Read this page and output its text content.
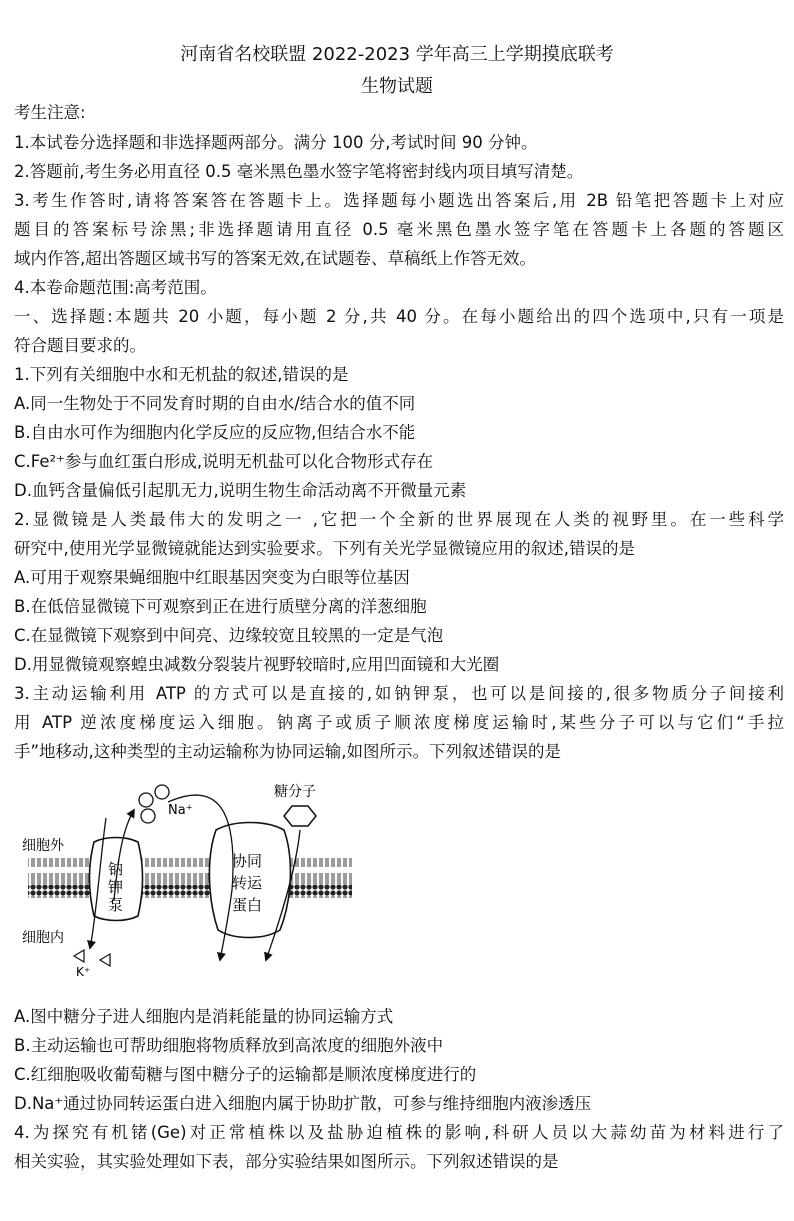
河南省名校联盟 2022-2023 学年高三上学期摸底联考
生物试题
考生注意:
1.本试卷分选择题和非选择题两部分。满分 100 分,考试时间 90 分钟。
2.答题前,考生务必用直径 0.5 毫米黑色墨水签字笔将密封线内项目填写清楚。
3.考生作答时,请将答案答在答题卡上。选择题每小题选出答案后,用 2B 铅笔把答题卡上对应
题目的答案标号涂黑;非选择题请用直径 0.5 毫米黑色墨水签字笔在答题卡上各题的答题区
域内作答,超出答题区域书写的答案无效,在试题卷、草稿纸上作答无效。
4.本卷命题范围:高考范围。
一、选择题:本题共 20 小题，每小题 2 分,共 40 分。在每小题给出的四个选项中,只有一项是
符合题目要求的。
1.下列有关细胞中水和无机盐的叙述,错误的是
A.同一生物处于不同发育时期的自由水/结合水的值不同
B.自由水可作为细胞内化学反应的反应物,但结合水不能
C.Fe²⁺参与血红蛋白形成,说明无机盐可以化合物形式存在
D.血钙含量偏低引起肌无力,说明生物生命活动离不开微量元素
2.显微镜是人类最伟大的发明之一 ,它把一个全新的世界展现在人类的视野里。在一些科学
研究中,使用光学显微镜就能达到实验要求。下列有关光学显微镜应用的叙述,错误的是
A.可用于观察果蝇细胞中红眼基因突变为白眼等位基因
B.在低倍显微镜下可观察到正在进行质壁分离的洋葱细胞
C.在显微镜下观察到中间亮、边缘较宽且较黑的一定是气泡
D.用显微镜观察蝗虫减数分裂装片视野较暗时,应用凹面镜和大光圈
3.主动运输利用 ATP 的方式可以是直接的,如钠钾泵，也可以是间接的,很多物质分子间接利
用 ATP 逆浓度梯度运入细胞。钠离子或质子顺浓度梯度运输时,某些分子可以与它们“手拉
手”地移动,这种类型的主动运输称为协同运输,如图所示。下列叙述错误的是
细胞外
细胞内
钠
钾
泵
协同
转运
蛋白
糖分子
Na⁺
K⁺
A.图中糖分子进人细胞内是消耗能量的协同运输方式
B.主动运输也可帮助细胞将物质释放到高浓度的细胞外液中
C.红细胞吸收葡萄糖与图中糖分子的运输都是顺浓度梯度进行的
D.Na⁺通过协同转运蛋白进入细胞内属于协助扩散，可参与维持细胞内液渗透压
4.为探究有机锗(Ge)对正常植株以及盐胁迫植株的影响,科研人员以大蒜幼苗为材料进行了
相关实验，其实验处理如下表，部分实验结果如图所示。下列叙述错误的是
